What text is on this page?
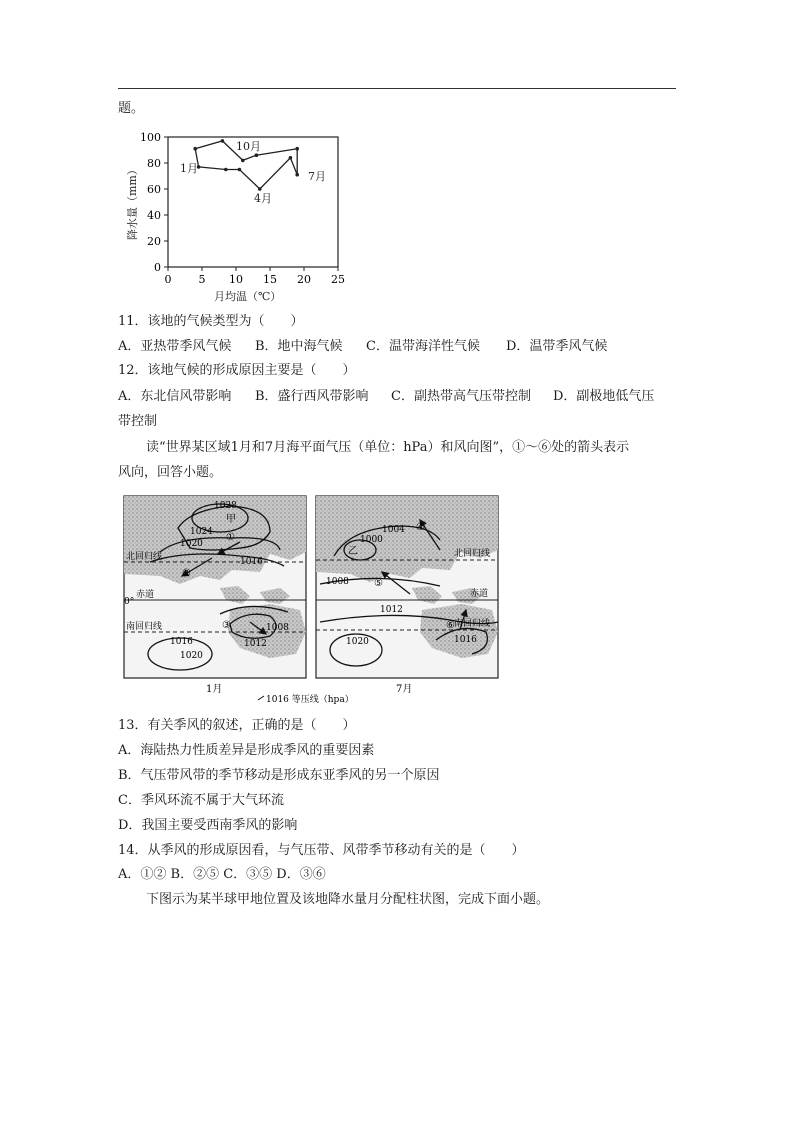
题。
0 5 10 15 20 25
0
20
40
60
80
100
1月
4月
7月
10月
月均温（℃）
降水量（mm）
11．该地的气候类型为（　　）
A．亚热带季风气候 B．地中海气候 C．温带海洋性气候 D．温带季风气候
12．该地气候的形成原因主要是（　　）
A．东北信风带影响 B．盛行西风带影响 C．副热带高气压带控制 D．副极地低气压
带控制
读“世界某区域1月和7月海平面气压（单位：hPa）和风向图”，①～⑥处的箭头表示
风向，回答小题。
甲
1028
1024
1020
1016
1008
1012
1016
1020
①
②
③
北回归线
赤道
0°
南回归线
乙
1004
1000
1008
1012
1016
1020
④
⑤
⑥
北回归线
赤道
南回归线
1月	7月
1016 等压线（hpa）
13．有关季风的叙述，正确的是（　　）
A．海陆热力性质差异是形成季风的重要因素
B．气压带风带的季节移动是形成东亚季风的另一个原因
C．季风环流不属于大气环流
D．我国主要受西南季风的影响
14．从季风的形成原因看，与气压带、风带季节移动有关的是（　　）
A．①② B．②⑤ C．③⑤ D．③⑥
下图示为某半球甲地位置及该地降水量月分配柱状图，完成下面小题。
